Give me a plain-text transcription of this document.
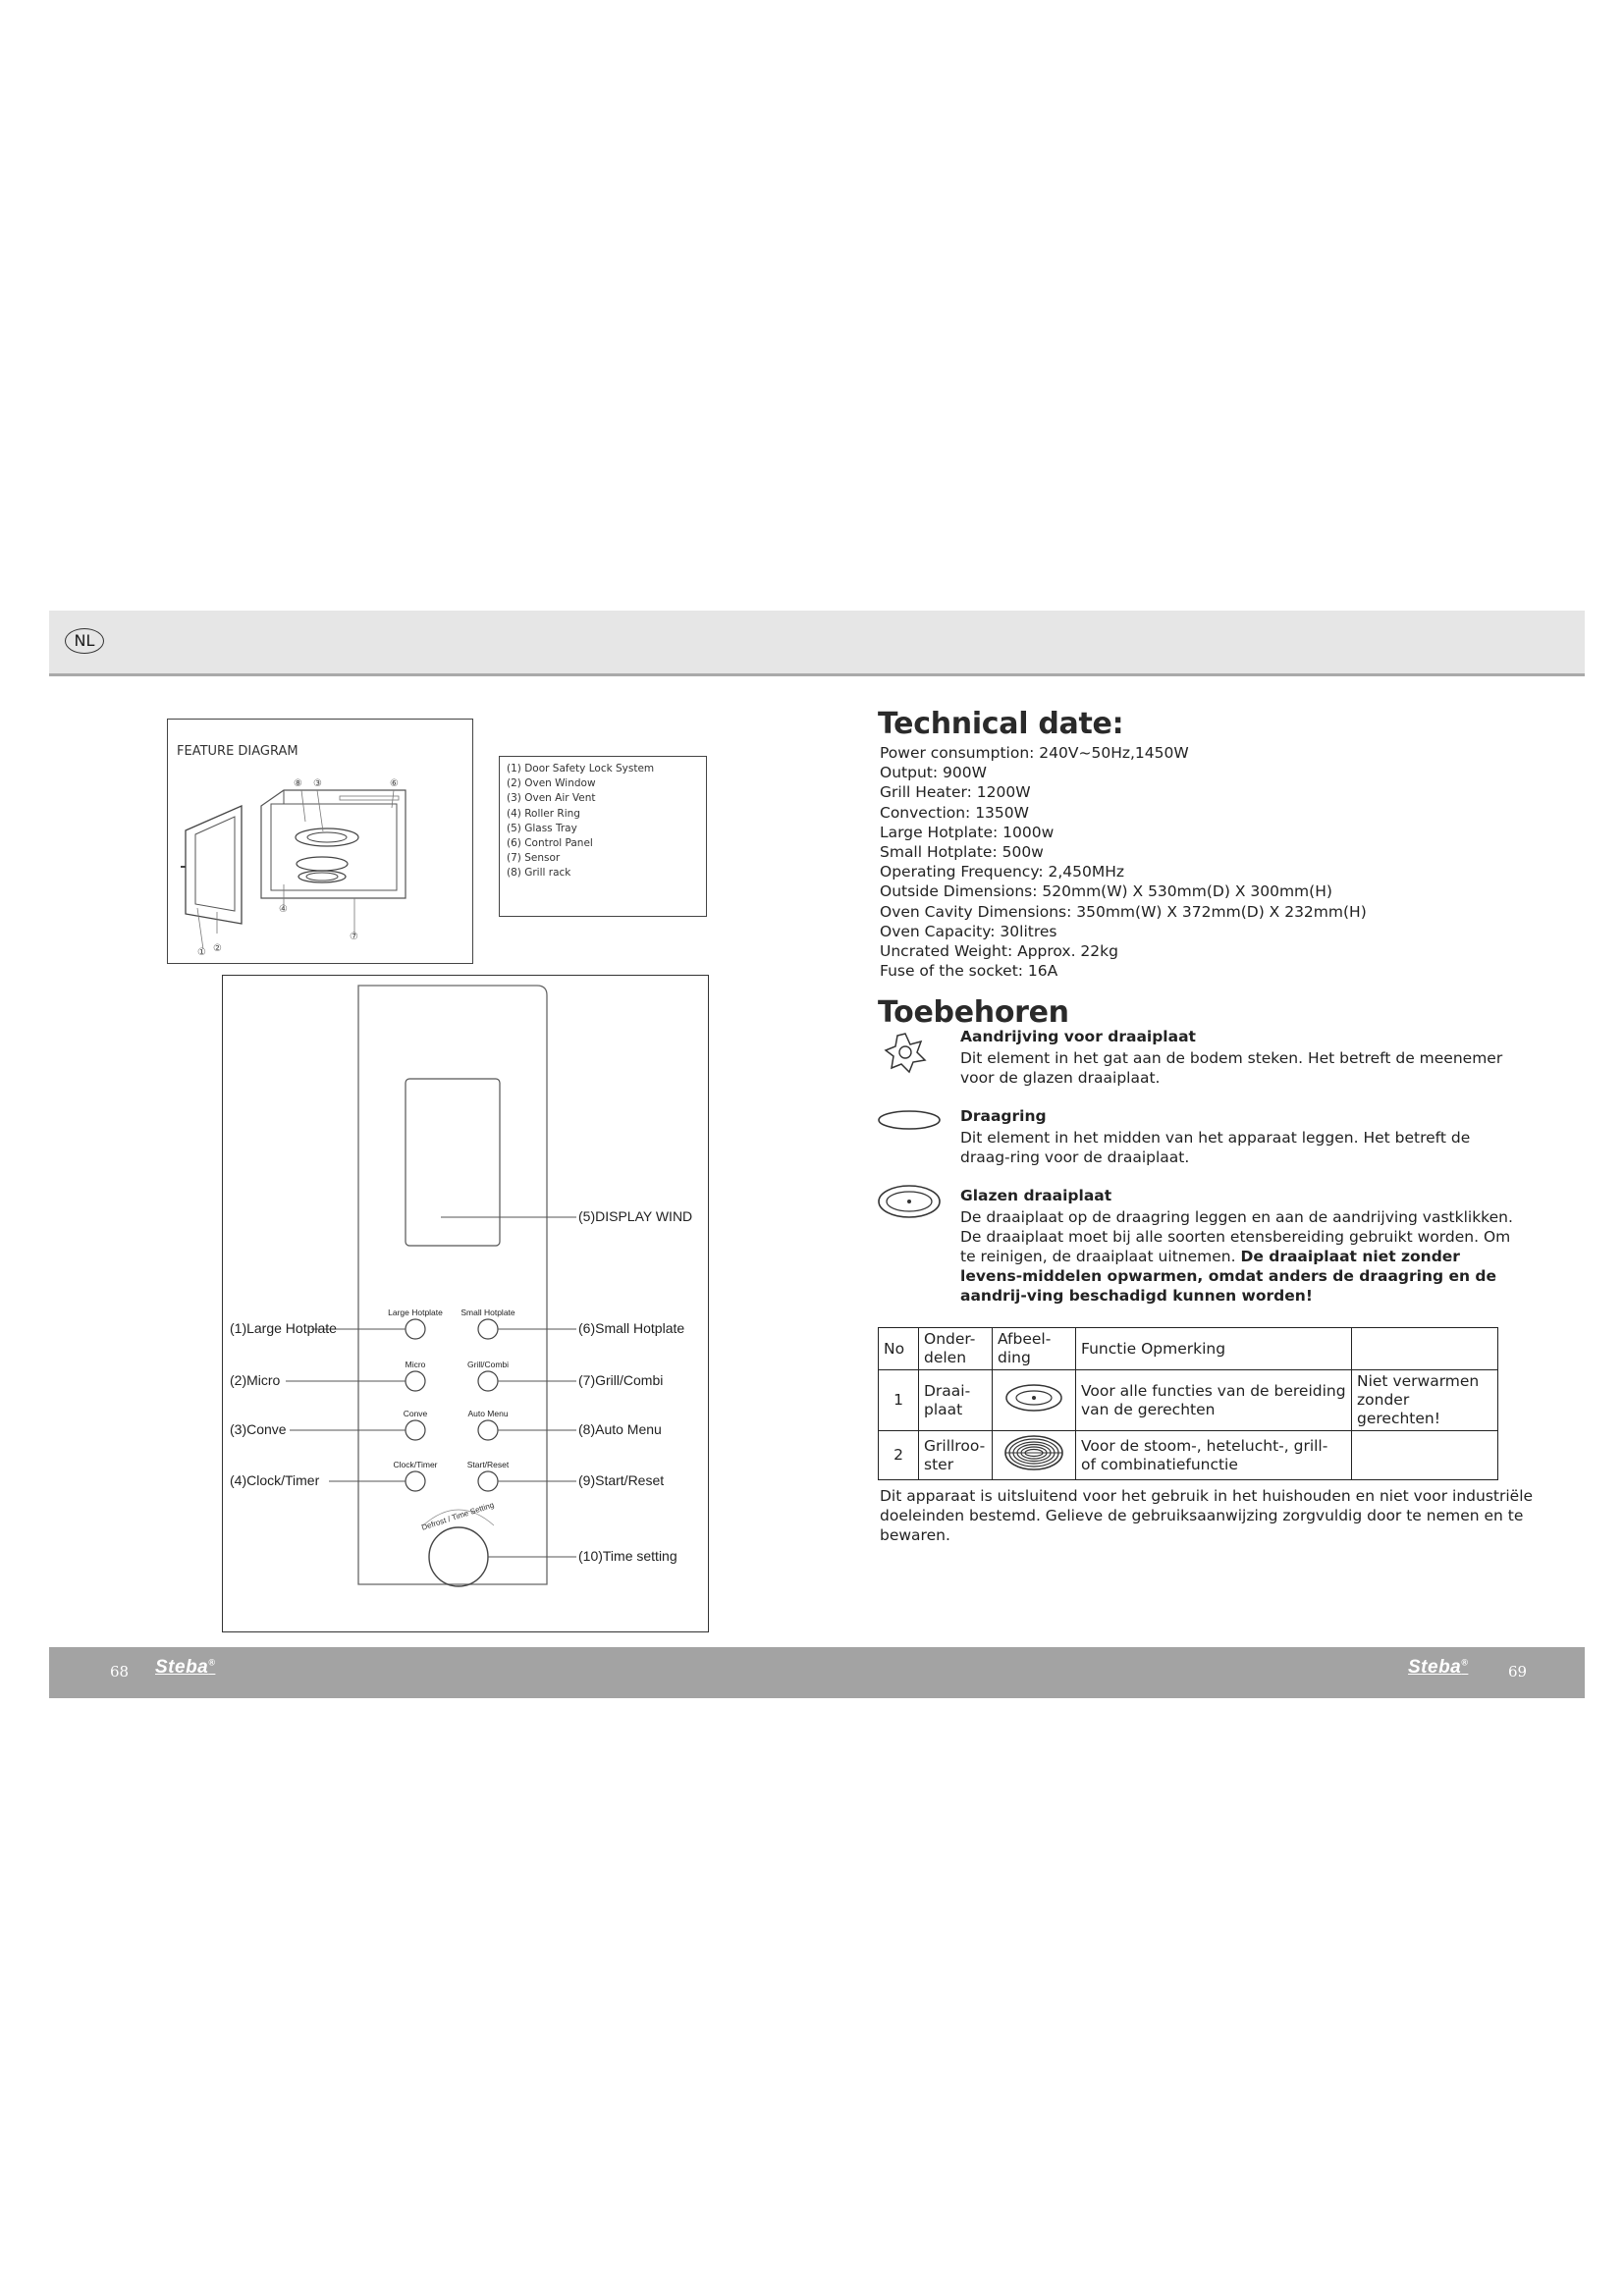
NL
⑧ ③	⑥
④
⑦
① ②
FEATURE DIAGRAM
(1) Door Safety Lock System
(2) Oven Window
(3) Oven Air Vent
(4) Roller Ring
(5) Glass Tray
(6) Control Panel
(7) Sensor
(8) Grill rack
Defrost / Time Setting
(5)DISPLAY WIND
Large Hotplate	Small Hotplate
Micro	Grill/Combi
Conve	Auto Menu
Clock/Timer	Start/Reset
(1)Large Hotplate	(6)Small Hotplate
(2)Micro	(7)Grill/Combi
(3)Conve	(8)Auto Menu
(4)Clock/Timer	(9)Start/Reset
(10)Time setting
Technical date:
Power consumption: 240V~50Hz,1450W
Output: 900W
Grill Heater: 1200W
Convection: 1350W
Large Hotplate: 1000w
Small Hotplate: 500w
Operating Frequency: 2,450MHz
Outside Dimensions: 520mm(W) X 530mm(D) X 300mm(H)
Oven Cavity Dimensions: 350mm(W) X 372mm(D) X 232mm(H)
Oven Capacity: 30litres
Uncrated Weight: Approx. 22kg
Fuse of the socket: 16A
Toebehoren
Aandrijving voor draaiplaat
Dit element in het gat aan de bodem steken. Het betreft de meenemer voor de glazen draaiplaat.
Draagring
Dit element in het midden van het apparaat leggen. Het betreft de draag-ring voor de draaiplaat.
Glazen draaiplaat
De draaiplaat op de draagring leggen en aan de aandrijving vastklikken. De draaiplaat moet bij alle soorten etensbereiding gebruikt worden. Om te reinigen, de draaiplaat uitnemen. De draaiplaat niet zonder levens-middelen opwarmen, omdat anders de draagring en de aandrij-ving beschadigd kunnen worden!
No	Onder-delen	Afbeel-ding	Functie Opmerking	
1	Draai-plaat		Voor alle functies van de bereiding van de gerechten	Niet verwarmen zonder gerechten!
2	Grillroo-ster		Voor de stoom-, hetelucht-, grill- of combinatiefunctie	
Dit apparaat is uitsluitend voor het gebruik in het huishouden en niet voor industriële doeleinden bestemd. Gelieve de gebruiksaanwijzing zorgvuldig door te nemen en te bewaren.
68 Steba®	Steba®
69
